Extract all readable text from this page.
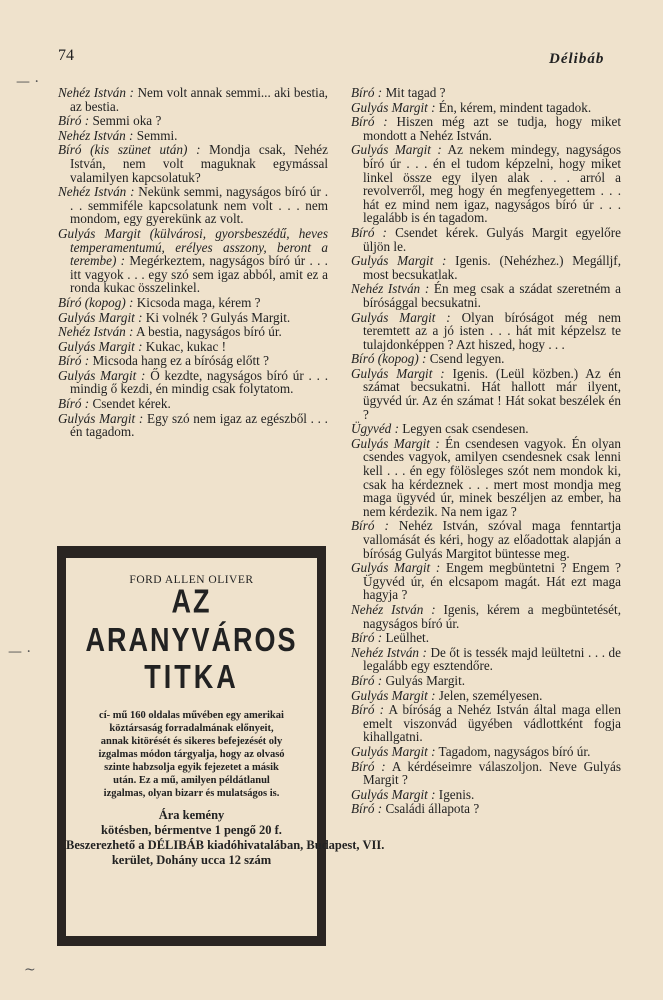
74	Délibáb

Nehéz István : Nem volt annak semmi... aki bestia, az bestia.

Bíró : Semmi oka ?

Nehéz István : Semmi.

Bíró (kis szünet után) : Mondja csak, Nehéz István, nem volt maguknak egymással valamilyen kapcsolatuk?

Nehéz István : Nekünk semmi, nagyságos bíró úr . . . semmiféle kapcsolatunk nem volt . . . nem mondom, egy gyerekünk az volt.

Gulyás Margit (külvárosi, gyorsbeszédű, heves temperamentumú, erélyes asszony, beront a terembe) : Megérkeztem, nagyságos bíró úr . . . itt vagyok . . . egy szó sem igaz abból, amit ez a ronda kukac összelinkel.

Bíró (kopog) : Kicsoda maga, kérem ?

Gulyás Margit : Ki volnék ? Gulyás Margit.

Nehéz István : A bestia, nagyságos bíró úr.

Gulyás Margit : Kukac, kukac !

Bíró : Micsoda hang ez a bíróság előtt ?

Gulyás Margit : Ő kezdte, nagyságos bíró úr . . . mindig ő kezdi, én mindig csak folytatom.

Bíró : Csendet kérek.

Gulyás Margit : Egy szó nem igaz az egészből . . . én tagadom.

Bíró : Mit tagad ?

Gulyás Margit : Én, kérem, mindent tagadok.

Bíró : Hiszen még azt se tudja, hogy miket mondott a Nehéz István.

Gulyás Margit : Az nekem mindegy, nagyságos bíró úr . . . én el tudom képzelni, hogy miket linkel össze egy ilyen alak . . . arról a revolverről, meg hogy én megfenyegettem . . . hát ez mind nem igaz, nagyságos bíró úr . . . legalább is én tagadom.

Bíró : Csendet kérek. Gulyás Margit egyelőre üljön le.

Gulyás Margit : Igenis. (Nehézhez.) Megálljf, most becsukatlak.

Nehéz István : Én meg csak a szádat szeretném a bírósággal becsukatni.

Gulyás Margit : Olyan bíróságot még nem teremtett az a jó isten . . . hát mit képzelsz te tulajdonképpen ? Azt hiszed, hogy . . .

Bíró (kopog) : Csend legyen.

Gulyás Margit : Igenis. (Leül közben.) Az én számat becsukatni. Hát hallott már ilyent, ügyvéd úr. Az én számat ! Hát sokat beszélek én ?

Ügyvéd : Legyen csak csendesen.

Gulyás Margit : Én csendesen vagyok. Én olyan csendes vagyok, amilyen csendesnek csak lenni kell . . . én egy fölösleges szót nem mondok ki, csak ha kérdeznek . . . mert most mondja meg maga ügyvéd úr, minek beszéljen az ember, ha nem kérdezik. Na nem igaz ?

Bíró : Nehéz István, szóval maga fenntartja vallomását és kéri, hogy az előadottak alapján a bíróság Gulyás Margitot büntesse meg.

Gulyás Margit : Engem megbüntetni ? Engem ? Ügyvéd úr, én elcsapom magát. Hát ezt maga hagyja ?

Nehéz István : Igenis, kérem a megbüntetését, nagyságos bíró úr.

Bíró : Leülhet.

Nehéz István : De őt is tessék majd leültetni . . . de legalább egy esztendőre.

Bíró : Gulyás Margit.

Gulyás Margit : Jelen, személyesen.

Bíró : A bíróság a Nehéz István által maga ellen emelt viszonvád ügyében vádlottként fogja kihallgatni.

Gulyás Margit : Tagadom, nagyságos bíró úr.

Bíró : A kérdéseimre válaszoljon. Neve Gulyás Margit ?

Gulyás Margit : Igenis.

Bíró : Családi állapota ?

FORD ALLEN OLIVER
AZ ARANYVÁROS
TITKA
cí- mű 160 oldalas művében egy amerikai köztársaság forradalmának előnyeit, annak kitörését és sikeres befejezését oly izgalmas módon tárgyalja, hogy az olvasó szinte habzsolja egyik fejezetet a másik után. Ez a mű, amilyen példátlanul izgalmas, olyan bizarr és mulatságos is.
Ára kemény
kötésben, bérmentve 1 pengő 20 f.
Beszerezhető a DÉLIBÁB kiadóhivatalában, Budapest, VII.
kerület, Dohány ucca 12 szám
— ·
— ·
~
